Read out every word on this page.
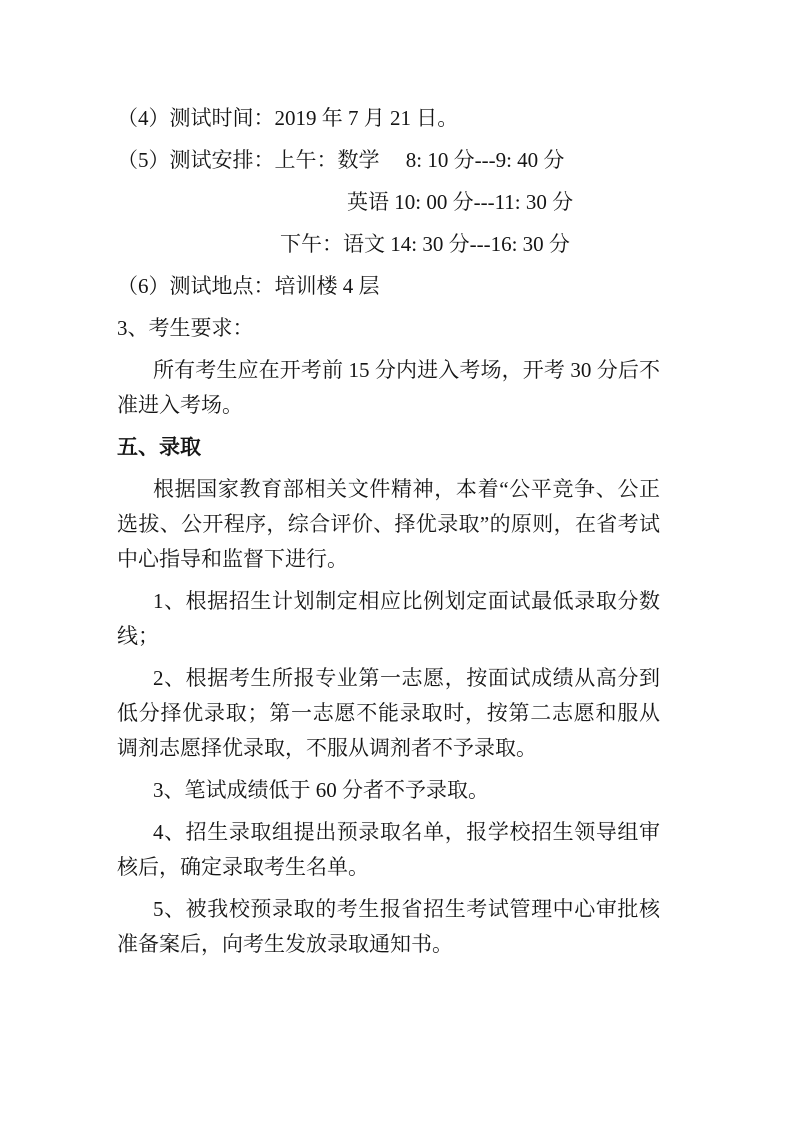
（4）测试时间：2019 年 7 月 21 日。

（5）测试安排：上午：数学　 8: 10 分---9: 40 分

英语 10: 00 分---11: 30 分

下午：语文 14: 30 分---16: 30 分

（6）测试地点：培训楼 4 层

3、考生要求：

所有考生应在开考前 15 分内进入考场，开考 30 分后不准进入考场。

五、录取

根据国家教育部相关文件精神，本着“公平竞争、公正选拔、公开程序，综合评价、择优录取”的原则，在省考试中心指导和监督下进行。

1、根据招生计划制定相应比例划定面试最低录取分数线；

2、根据考生所报专业第一志愿，按面试成绩从高分到低分择优录取；第一志愿不能录取时，按第二志愿和服从调剂志愿择优录取，不服从调剂者不予录取。

3、笔试成绩低于 60 分者不予录取。

4、招生录取组提出预录取名单，报学校招生领导组审核后，确定录取考生名单。

5、被我校预录取的考生报省招生考试管理中心审批核准备案后，向考生发放录取通知书。
